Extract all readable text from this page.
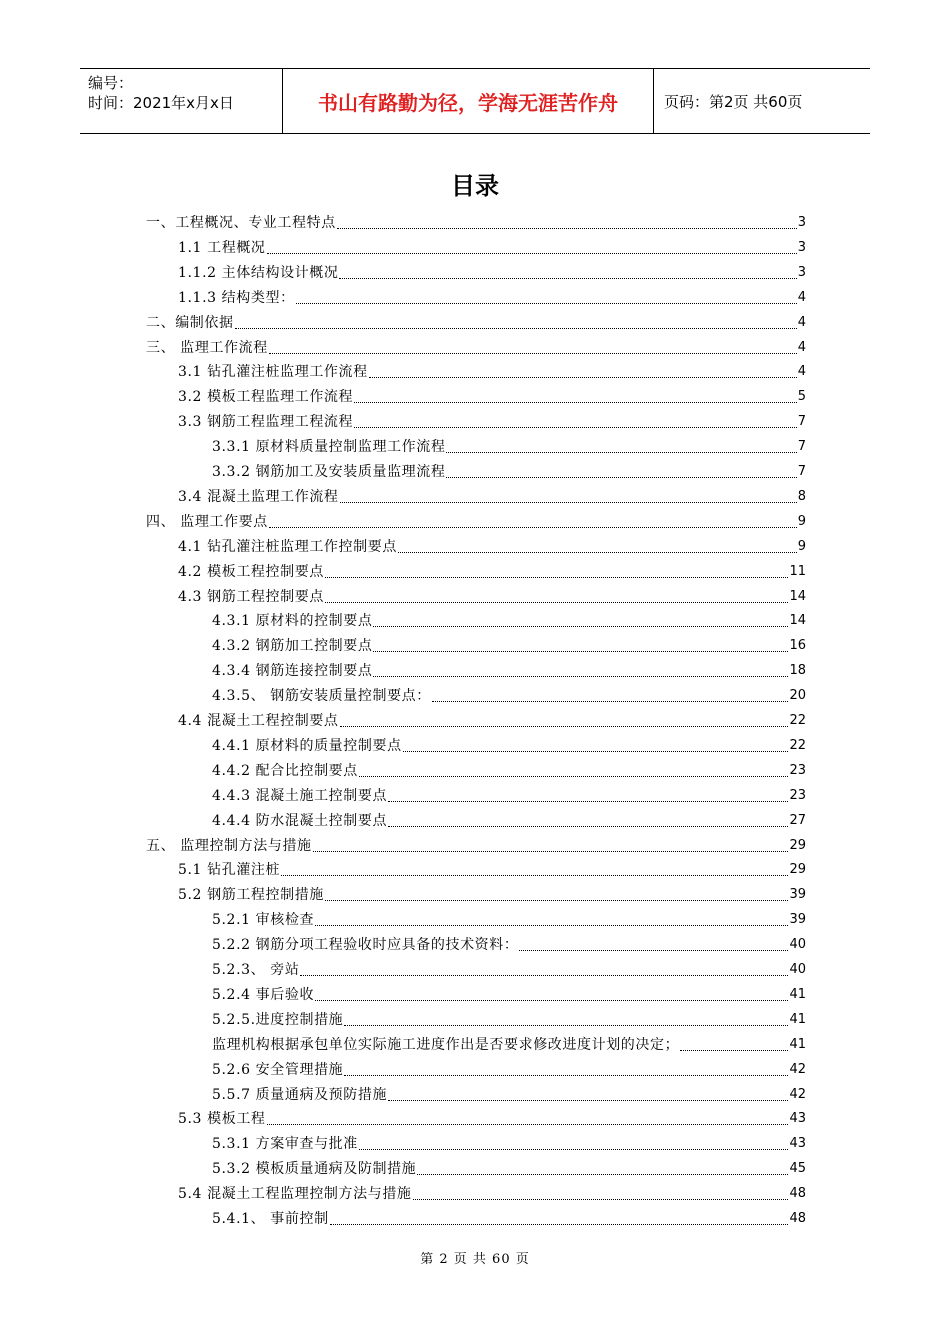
编号：
时间：2021年x月x日	书山有路勤为径，学海无涯苦作舟	页码：第2页 共60页
目录
一、工程概况、专业工程特点	3
1.1 工程概况	3
1.1.2 主体结构设计概况	3
1.1.3 结构类型：	4
二、编制依据	4
三、 监理工作流程	4
3.1 钻孔灌注桩监理工作流程	4
3.2 模板工程监理工作流程	5
3.3 钢筋工程监理工程流程	7
3.3.1 原材料质量控制监理工作流程	7
3.3.2 钢筋加工及安装质量监理流程	7
3.4 混凝土监理工作流程	8
四、 监理工作要点	9
4.1 钻孔灌注桩监理工作控制要点	9
4.2 模板工程控制要点	11
4.3 钢筋工程控制要点	14
4.3.1 原材料的控制要点	14
4.3.2 钢筋加工控制要点	16
4.3.4 钢筋连接控制要点	18
4.3.5、 钢筋安装质量控制要点：	20
4.4 混凝土工程控制要点	22
4.4.1 原材料的质量控制要点	22
4.4.2 配合比控制要点	23
4.4.3 混凝土施工控制要点	23
4.4.4 防水混凝土控制要点	27
五、 监理控制方法与措施	29
5.1 钻孔灌注桩	29
5.2 钢筋工程控制措施	39
5.2.1 审核检查	39
5.2.2 钢筋分项工程验收时应具备的技术资料：	40
5.2.3、 旁站	40
5.2.4 事后验收	41
5.2.5.进度控制措施	41
监理机构根据承包单位实际施工进度作出是否要求修改进度计划的决定；	41
5.2.6 安全管理措施	42
5.5.7 质量通病及预防措施	42
5.3 模板工程	43
5.3.1 方案审查与批准	43
5.3.2 模板质量通病及防制措施	45
5.4 混凝土工程监理控制方法与措施	48
5.4.1、 事前控制	48
第 2 页 共 60 页
